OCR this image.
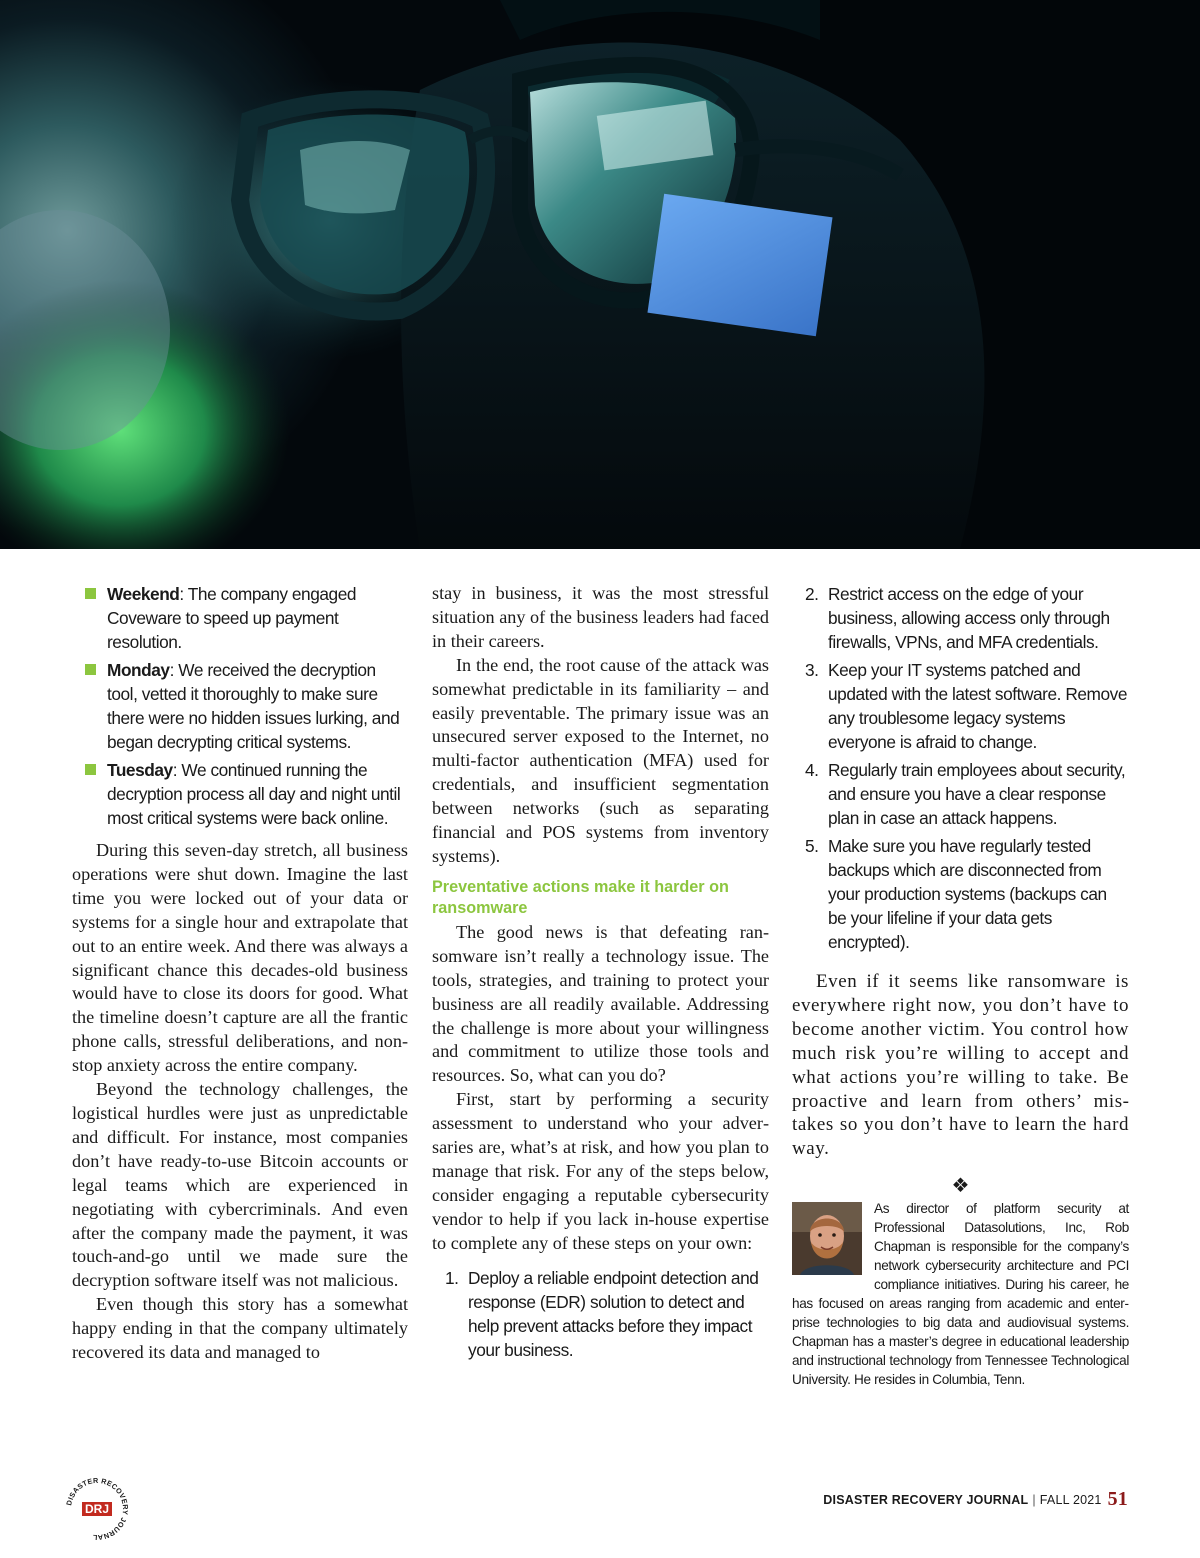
Weekend: The company engaged Coveware to speed up payment resolution.
Monday: We received the decryption tool, vetted it thoroughly to make sure there were no hidden issues lurking, and began decrypting critical systems.
Tuesday: We continued running the decryption process all day and night until most critical systems were back online.

During this seven-day stretch, all business operations were shut down. Imagine the last time you were locked out of your data or systems for a single hour and extrapolate that out to an entire week. And there was always a significant chance this decades-old business would have to close its doors for good. What the timeline doesn’t capture are all the frantic phone calls, stressful deliberations, and non-stop anxiety across the entire company.

Beyond the technology challenges, the logistical hurdles were just as unpredictable and difficult. For instance, most companies don’t have ready-to-use Bitcoin accounts or legal teams which are experienced in negotiating with cybercriminals. And even after the company made the payment, it was touch-and-go until we made sure the decryption software itself was not malicious.

Even though this story has a somewhat happy ending in that the company ultimately recovered its data and managed to

stay in business, it was the most stressful situation any of the business leaders had faced in their careers.

In the end, the root cause of the attack was somewhat predictable in its familiarity – and easily preventable. The primary issue was an unsecured server exposed to the Internet, no multi-factor authentication (MFA) used for credentials, and insufficient segmentation between networks (such as separating financial and POS systems from inventory systems).

Preventative actions make it harder on ransomware

The good news is that defeating ransomware isn’t really a technology issue. The tools, strategies, and training to protect your business are all readily available. Addressing the challenge is more about your willingness and commitment to utilize those tools and resources. So, what can you do?

First, start by performing a security assessment to understand who your adversaries are, what’s at risk, and how you plan to manage that risk. For any of the steps below, consider engaging a reputable cybersecurity vendor to help if you lack in-house expertise to complete any of these steps on your own:

1. Deploy a reliable endpoint detection and response (EDR) solution to detect and help prevent attacks before they impact your business.
2. Restrict access on the edge of your business, allowing access only through firewalls, VPNs, and MFA credentials.
3. Keep your IT systems patched and updated with the latest software. Remove any troublesome legacy systems everyone is afraid to change.
4. Regularly train employees about security, and ensure you have a clear response plan in case an attack happens.
5. Make sure you have regularly tested backups which are disconnected from your production systems (backups can be your lifeline if your data gets encrypted).

Even if it seems like ransomware is everywhere right now, you don’t have to become another victim. You control how much risk you’re willing to accept and what actions you’re willing to take. Be proactive and learn from others’ mistakes so you don’t have to learn the hard way.

❖
As director of platform security at Professional Datasolutions, Inc, Rob Chapman is responsible for the company’s network cybersecurity architecture and PCI compliance initiatives. During his career, he has focused on areas ranging from academic and enterprise technologies to big data and audiovisual systems. Chapman has a master’s degree in educational leadership and instructional technology from Tennessee Technological University. He resides in Columbia, Tenn.
DISASTER RECOVERY JOURNAL
DRJ
DISASTER RECOVERY JOURNAL | FALL 2021 51
